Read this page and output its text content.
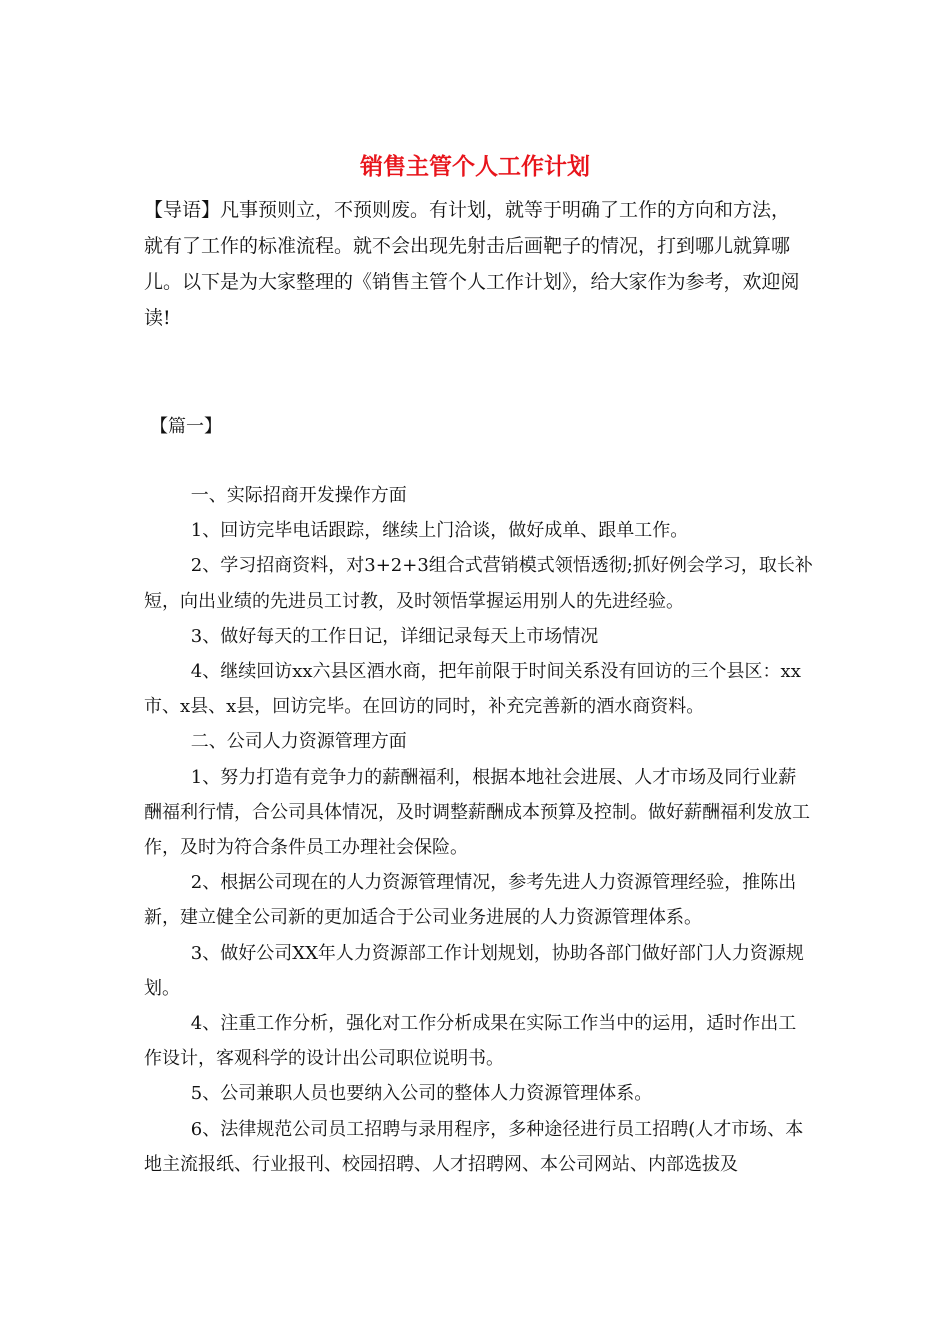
销售主管个人工作计划

【导语】凡事预则立，不预则废。有计划，就等于明确了工作的方向和方法，就有了工作的标准流程。就不会出现先射击后画靶子的情况，打到哪儿就算哪儿。以下是为大家整理的《销售主管个人工作计划》，给大家作为参考，欢迎阅读!

【篇一】

一、实际招商开发操作方面

1、回访完毕电话跟踪，继续上门洽谈，做好成单、跟单工作。

2、学习招商资料，对3+2+3组合式营销模式领悟透彻;抓好例会学习，取长补短，向出业绩的先进员工讨教，及时领悟掌握运用别人的先进经验。

3、做好每天的工作日记，详细记录每天上市场情况

4、继续回访xx六县区酒水商，把年前限于时间关系没有回访的三个县区：xx市、x县、x县，回访完毕。在回访的同时，补充完善新的酒水商资料。

二、公司人力资源管理方面

1、努力打造有竞争力的薪酬福利，根据本地社会进展、人才市场及同行业薪酬福利行情，合公司具体情况，及时调整薪酬成本预算及控制。做好薪酬福利发放工作，及时为符合条件员工办理社会保险。

2、根据公司现在的人力资源管理情况，参考先进人力资源管理经验，推陈出新，建立健全公司新的更加适合于公司业务进展的人力资源管理体系。

3、做好公司XX年人力资源部工作计划规划，协助各部门做好部门人力资源规划。

4、注重工作分析，强化对工作分析成果在实际工作当中的运用，适时作出工作设计，客观科学的设计出公司职位说明书。

5、公司兼职人员也要纳入公司的整体人力资源管理体系。

6、法律规范公司员工招聘与录用程序，多种途径进行员工招聘(人才市场、本地主流报纸、行业报刊、校园招聘、人才招聘网、本公司网站、内部选拔及
